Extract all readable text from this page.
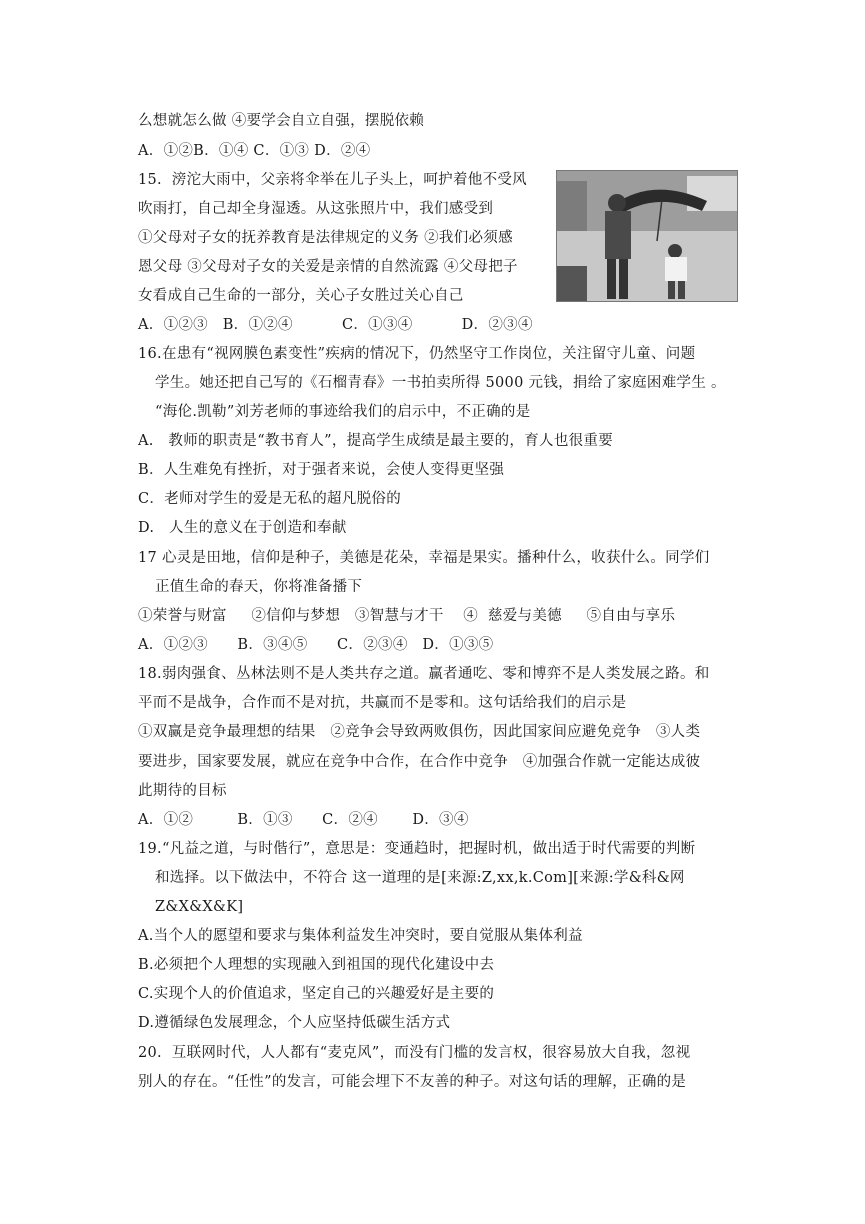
么想就怎么做 ④要学会自立自强，摆脱依赖
A．①②B．①④ C．①③ D．②④
15.  滂沱大雨中，父亲将伞举在儿子头上，呵护着他不受风
吹雨打，自己却全身湿透。从这张照片中，我们感受到
①父母对子女的抚养教育是法律规定的义务 ②我们必须感
恩父母 ③父母对子女的关爱是亲情的自然流露 ④父母把子
女看成自己生命的一部分，关心子女胜过关心自己
A．①②③   B．①②④          C．①③④          D．②③④
16.在患有“视网膜色素变性”疾病的情况下，仍然坚守工作岗位，关注留守儿童、问题
学生。她还把自己写的《石榴青春》一书拍卖所得 5000 元钱，捐给了家庭困难学生 。
“海伦.凯勒”刘芳老师的事迹给我们的启示中，不正确的是
A.   教师的职责是“教书育人”，提高学生成绩是最主要的，育人也很重要
B．人生难免有挫折，对于强者来说，会使人变得更坚强
C．老师对学生的爱是无私的超凡脱俗的
D.   人生的意义在于创造和奉献
17 心灵是田地，信仰是种子，美德是花朵，幸福是果实。播种什么，收获什么。同学们
正值生命的春天，你将准备播下
①荣誉与财富     ②信仰与梦想   ③智慧与才干    ④  慈爱与美德     ⑤自由与享乐
A．①②③      B．③④⑤      C．②③④   D．①③⑤
18.弱肉强食、丛林法则不是人类共存之道。赢者通吃、零和博弈不是人类发展之路。和
平而不是战争，合作而不是对抗，共赢而不是零和。这句话给我们的启示是
①双赢是竞争最理想的结果   ②竞争会导致两败俱伤，因此国家间应避免竞争   ③人类
要进步，国家要发展，就应在竞争中合作，在合作中竞争   ④加强合作就一定能达成彼
此期待的目标
A．①②         B．①③      C．②④       D．③④
19.“凡益之道，与时偕行”，意思是：变通趋时，把握时机，做出适于时代需要的判断
和选择。以下做法中，不符合 这一道理的是[来源:Z,xx,k.Com][来源:学&科&网
Z&X&X&K]
A.当个人的愿望和要求与集体利益发生冲突时，要自觉服从集体利益
B.必须把个人理想的实现融入到祖国的现代化建设中去
C.实现个人的价值追求，坚定自己的兴趣爱好是主要的
D.遵循绿色发展理念，个人应坚持低碳生活方式
20.  互联网时代，人人都有“麦克风”，而没有门槛的发言权，很容易放大自我，忽视
别人的存在。“任性”的发言，可能会埋下不友善的种子。对这句话的理解，正确的是
